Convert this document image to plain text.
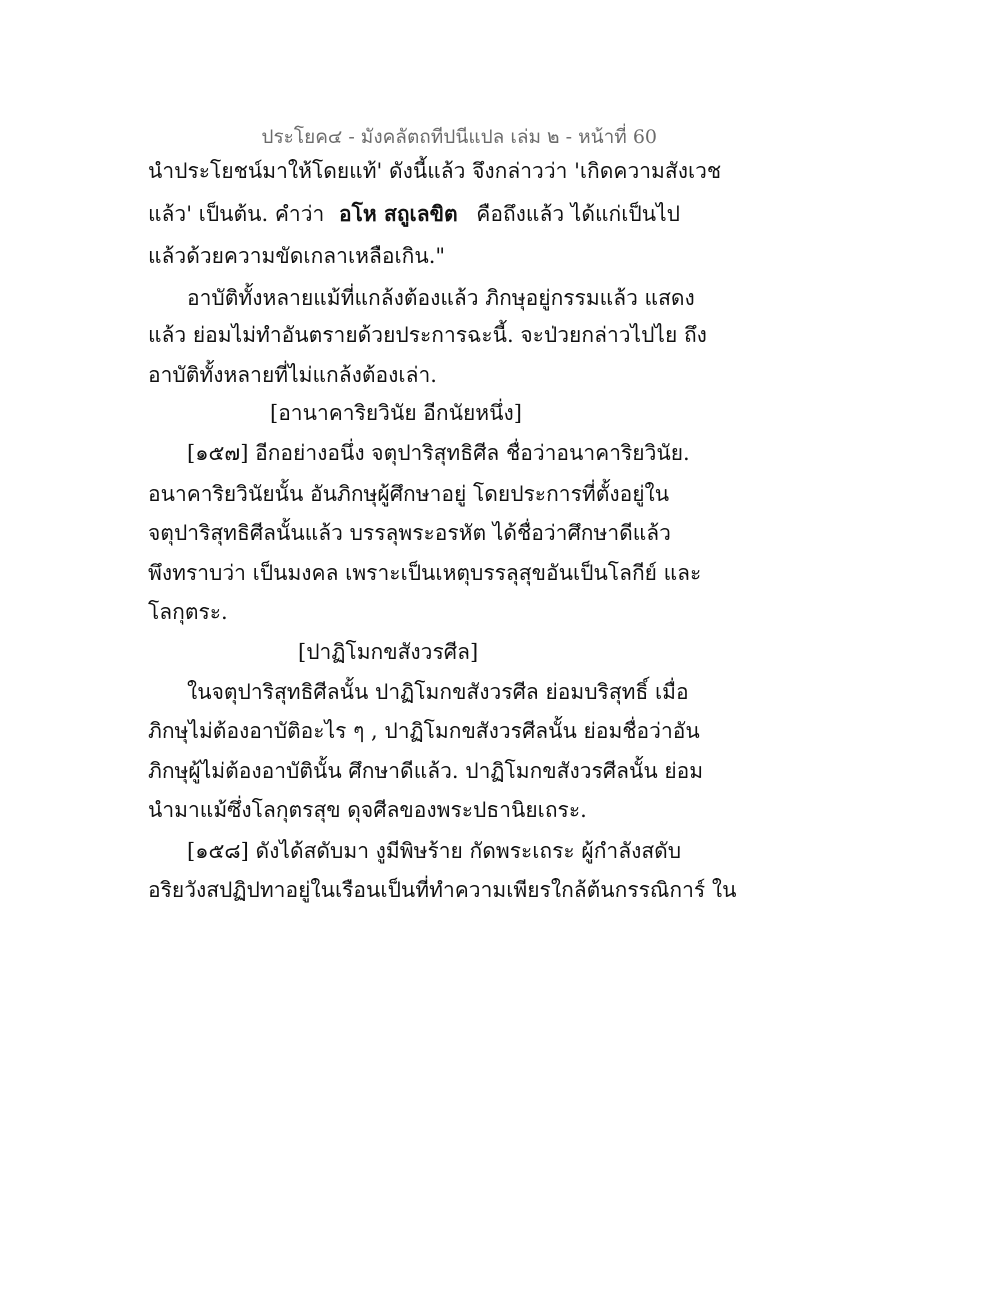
ประโยค๔ - มังคลัตถทีปนีแปล เล่ม ๒ - หน้าที่ 60
นำประโยชน์มาให้โดยแท้' ดังนี้แล้ว จึงกล่าวว่า 'เกิดความสังเวช
แล้ว' เป็นต้น. คำว่า อโห สถูเลขิต คือถึงแล้ว ได้แก่เป็นไป
แล้วด้วยความขัดเกลาเหลือเกิน."
อาบัติทั้งหลายแม้ที่แกล้งต้องแล้ว ภิกษุอยู่กรรมแล้ว แสดง
แล้ว ย่อมไม่ทำอันตรายด้วยประการฉะนี้. จะป่วยกล่าวไปไย ถึง
อาบัติทั้งหลายที่ไม่แกล้งต้องเล่า.
[อานาคาริยวินัย อีกนัยหนึ่ง]
[๑๕๗] อีกอย่างอนึ่ง จตุปาริสุทธิศีล ชื่อว่าอนาคาริยวินัย.
อนาคาริยวินัยนั้น อันภิกษุผู้ศึกษาอยู่ โดยประการที่ตั้งอยู่ใน
จตุปาริสุทธิศีลนั้นแล้ว บรรลุพระอรหัต ได้ชื่อว่าศึกษาดีแล้ว
พึงทราบว่า เป็นมงคล เพราะเป็นเหตุบรรลุสุขอันเป็นโลกีย์ และ
โลกุตระ.
[ปาฏิโมกขสังวรศีล]
ในจตุปาริสุทธิศีลนั้น ปาฏิโมกขสังวรศีล ย่อมบริสุทธิ์ เมื่อ
ภิกษุไม่ต้องอาบัติอะไร ๆ , ปาฏิโมกขสังวรศีลนั้น ย่อมชื่อว่าอัน
ภิกษุผู้ไม่ต้องอาบัตินั้น ศึกษาดีแล้ว. ปาฏิโมกขสังวรศีลนั้น ย่อม
นำมาแม้ซึ่งโลกุตรสุข ดุจศีลของพระปธานิยเถระ.
[๑๕๘] ดังได้สดับมา งูมีพิษร้าย กัดพระเถระ ผู้กำลังสดับ
อริยวังสปฏิปทาอยู่ในเรือนเป็นที่ทำความเพียรใกล้ต้นกรรณิการ์ ใน
